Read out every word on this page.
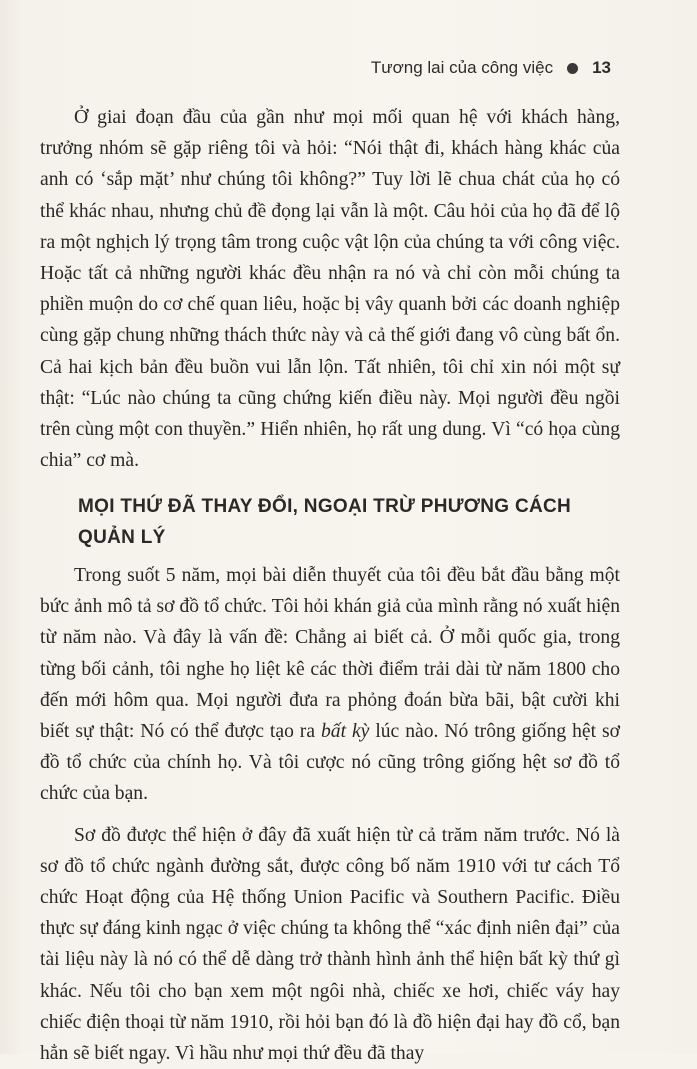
Tương lai của công việc 13

Ở giai đoạn đầu của gần như mọi mối quan hệ với khách hàng, trưởng nhóm sẽ gặp riêng tôi và hỏi: “Nói thật đi, khách hàng khác của anh có ‘sắp mặt’ như chúng tôi không?” Tuy lời lẽ chua chát của họ có thể khác nhau, nhưng chủ đề đọng lại vẫn là một. Câu hỏi của họ đã để lộ ra một nghịch lý trọng tâm trong cuộc vật lộn của chúng ta với công việc. Hoặc tất cả những người khác đều nhận ra nó và chỉ còn mỗi chúng ta phiền muộn do cơ chế quan liêu, hoặc bị vây quanh bởi các doanh nghiệp cùng gặp chung những thách thức này và cả thế giới đang vô cùng bất ổn. Cả hai kịch bản đều buồn vui lẫn lộn. Tất nhiên, tôi chỉ xin nói một sự thật: “Lúc nào chúng ta cũng chứng kiến điều này. Mọi người đều ngồi trên cùng một con thuyền.” Hiển nhiên, họ rất ung dung. Vì “có họa cùng chia” cơ mà.

MỌI THỨ ĐÃ THAY ĐỔI, NGOẠI TRỪ PHƯƠNG CÁCH QUẢN LÝ

Trong suốt 5 năm, mọi bài diễn thuyết của tôi đều bắt đầu bằng một bức ảnh mô tả sơ đồ tổ chức. Tôi hỏi khán giả của mình rằng nó xuất hiện từ năm nào. Và đây là vấn đề: Chẳng ai biết cả. Ở mỗi quốc gia, trong từng bối cảnh, tôi nghe họ liệt kê các thời điểm trải dài từ năm 1800 cho đến mới hôm qua. Mọi người đưa ra phỏng đoán bừa bãi, bật cười khi biết sự thật: Nó có thể được tạo ra bất kỳ lúc nào. Nó trông giống hệt sơ đồ tổ chức của chính họ. Và tôi cược nó cũng trông giống hệt sơ đồ tổ chức của bạn.

Sơ đồ được thể hiện ở đây đã xuất hiện từ cả trăm năm trước. Nó là sơ đồ tổ chức ngành đường sắt, được công bố năm 1910 với tư cách Tổ chức Hoạt động của Hệ thống Union Pacific và Southern Pacific. Điều thực sự đáng kinh ngạc ở việc chúng ta không thể “xác định niên đại” của tài liệu này là nó có thể dễ dàng trở thành hình ảnh thể hiện bất kỳ thứ gì khác. Nếu tôi cho bạn xem một ngôi nhà, chiếc xe hơi, chiếc váy hay chiếc điện thoại từ năm 1910, rồi hỏi bạn đó là đồ hiện đại hay đồ cổ, bạn hẳn sẽ biết ngay. Vì hầu như mọi thứ đều đã thay
